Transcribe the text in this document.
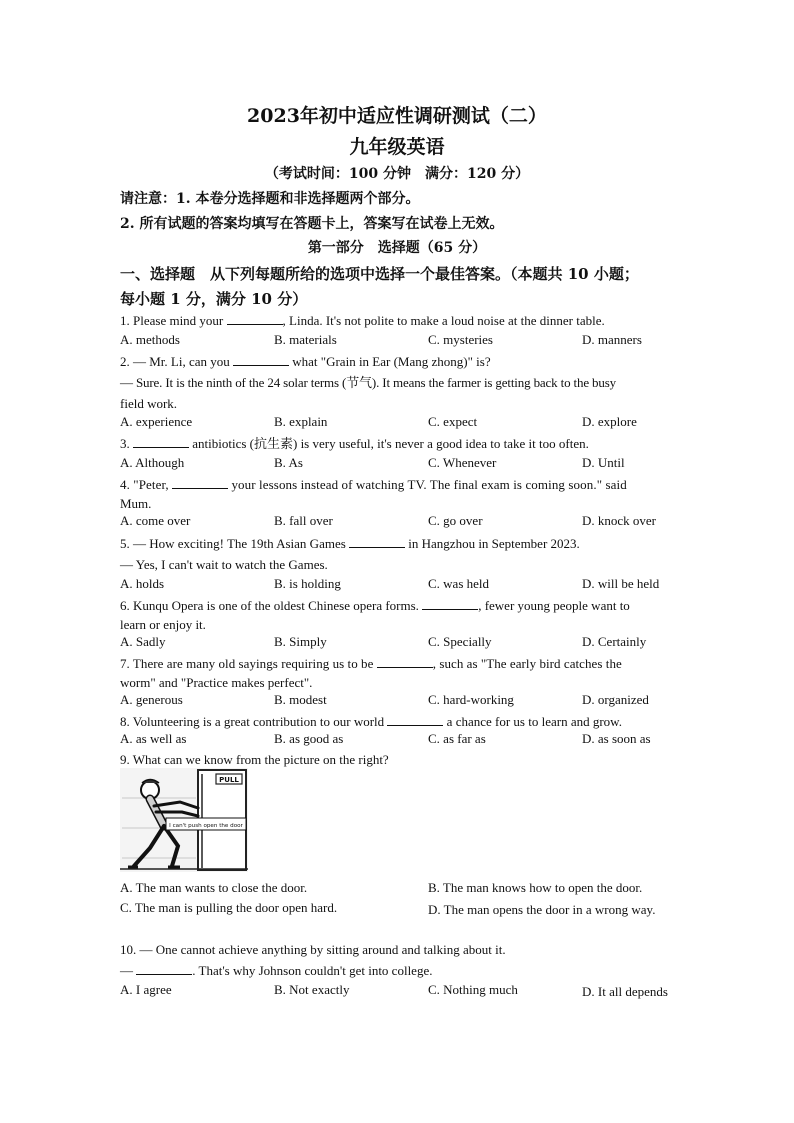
2023年初中适应性调研测试（二）
九年级英语
（考试时间：100 分钟　满分：120 分）
请注意：1. 本卷分选择题和非选择题两个部分。
2. 所有试题的答案均填写在答题卡上，答案写在试卷上无效。
第一部分　选择题（65 分）
一、选择题　从下列每题所给的选项中选择一个最佳答案。（本题共 10 小题；
每小题 1 分，满分 10 分）
1. Please mind your	, Linda. It's not polite to make a loud noise at the dinner table.
A. methods	B. materials	C. mysteries	D. manners
2. — Mr. Li, can you	what "Grain in Ear (Mang zhong)" is?
— Sure. It is the ninth of the 24 solar terms (节气). It means the farmer is getting back to the busy
field work.
A. experience	B. explain	C. expect	D. explore
3.	antibiotics (抗生素) is very useful, it's never a good idea to take it too often.
A. Although	B. As	C. Whenever	D. Until
4. "Peter,	your lessons instead of watching TV. The final exam is coming soon." said
Mum.
A. come over	B. fall over	C. go over	D. knock over
5. — How exciting! The 19th Asian Games	in Hangzhou in September 2023.
— Yes, I can't wait to watch the Games.
A. holds	B. is holding	C. was held	D. will be held
6. Kunqu Opera is one of the oldest Chinese opera forms.	, fewer young people want to
learn or enjoy it.
A. Sadly	B. Simply	C. Specially	D. Certainly
7. There are many old sayings requiring us to be	, such as "The early bird catches the
worm" and "Practice makes perfect".
A. generous	B. modest	C. hard-working	D. organized
8. Volunteering is a great contribution to our world	a chance for us to learn and grow.
A. as well as	B. as good as	C. as far as	D. as soon as
9. What can we know from the picture on the right?
PULL
I can't push open the door
A. The man wants to close the door.	B. The man knows how to open the door.
C. The man is pulling the door open hard.	D. The man opens the door in a wrong way.
10. — One cannot achieve anything by sitting around and talking about it.
—	. That's why Johnson couldn't get into college.
A. I agree	B. Not exactly	C. Nothing much	D. It all depends
